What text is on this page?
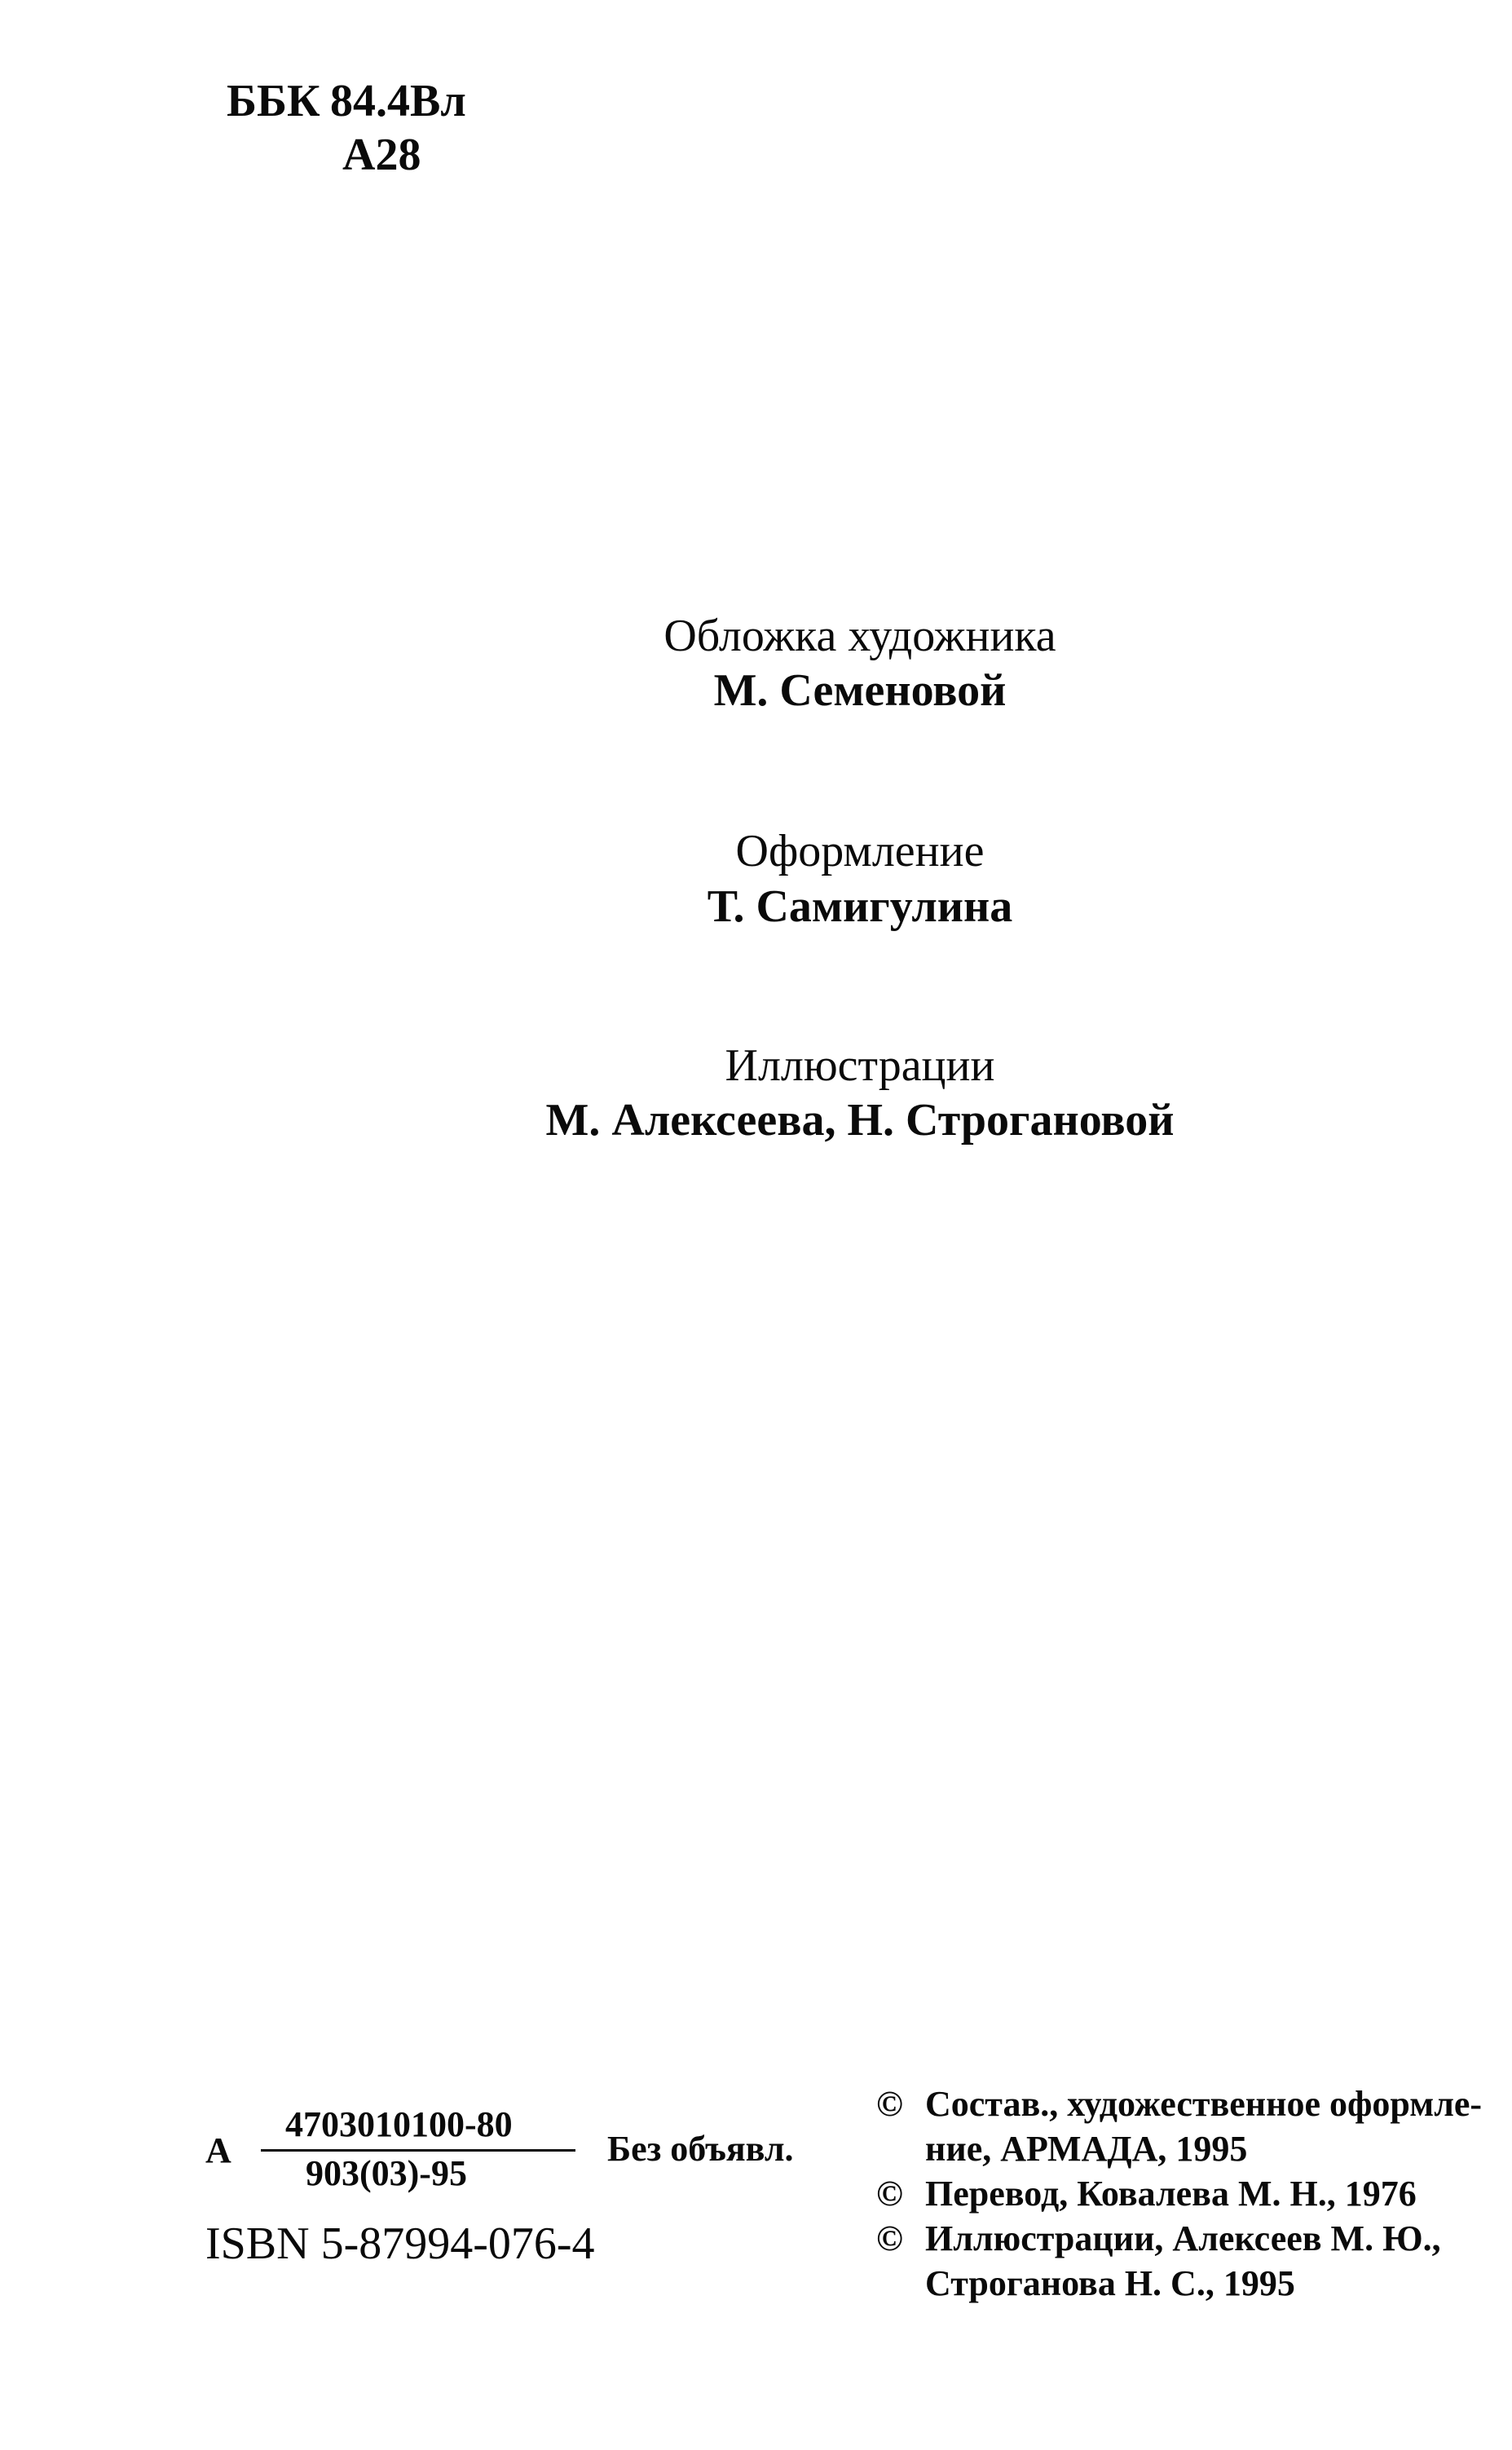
ББК 84.4Вл
А28
Обложка художника
М. Семеновой
Оформление
Т. Самигулина
Иллюстрации
М. Алексеева, Н. Строгановой
А
4703010100-80
903(03)-95
Без объявл.
ISBN 5-87994-076-4
© Состав., художественное оформле-
ние, АРМАДА, 1995
© Перевод, Ковалева М. Н., 1976
© Иллюстрации, Алексеев М. Ю.,
Строганова Н. С., 1995
